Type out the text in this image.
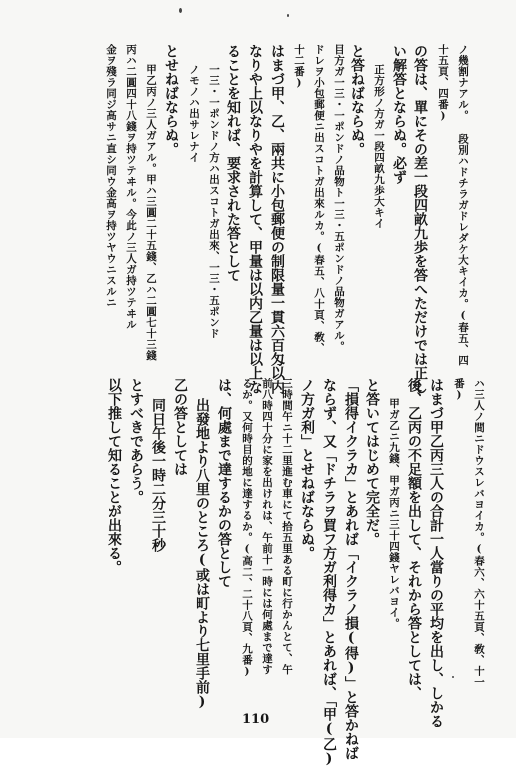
ノ幾割ナアル。 段別ハドチラガドレダケ大キイカ。(春五、四
十五頁、四番)
の答は、單にその差一段四畝九歩を答へただけでは正し
い解答とならぬ。必ず
正方形ノ方ガ一段四畝九歩大キイ
と答ねばならぬ。
目方ガ一三・一ポンドノ品物ト一三・五ポンドノ品物ガアル。
ドレヲ小包郵便ニ出スコトガ出來ルカ。(春五、八十頁、敎、
十二番)
はまづ甲、乙、兩共に小包郵便の制限量一貫六百匁以内
なりや上以なりやを計算して、甲量は以内乙量は以上な
ることを知れば、要求された答として
一三・一ポンドノ方ハ出スコトガ出來、一三・五ポンド
ノモノハ出サレナイ
とせねばならぬ。
甲乙丙ノ三人ガアル。甲ハ三圓二十五錢、乙ハ二圓七十三錢
丙ハ二圓四十八錢ヲ持ツテヰル。今此ノ三人ガ持ツテヰル
金ヲ殘ラ同ジ高サニ直シ同ウ金高ヲ持ツヤウニスルニ
ハ三人ノ間ニドウスレバヨイカ。(春六、六十五頁、敎、十一
番)
はまづ甲乙丙三人の合計一人當りの平均を出し、しかる
後、乙丙の不足額を出して、それから答としては、
甲ガ乙ニ九錢、甲ガ丙ニ三十四錢ヤレバヨイ。
と答いてはじめて完全だ。
「損得イクラカ」とあれば「イクラノ損(得)」と答かねば
ならず、又「ドチラヲ買フ方ガ利得カ」とあれば、「甲(乙)
ノ方ガ利」とせねばならぬ。
三時間午ニ十二里進む車にて拾五里ある町に行かんとて、午
前八時四十分に家を出けれは、午前十一時には何處まで達す
るか。又何時目的地に達するか。(高二、二十八頁、九番)
は、何處まで達するかの答として
出發地より八里のところ(或は町より七里手前)
乙の答としては
同日午後一時二分三十秒
とすべきであらう。
以下推して知ることが出來る。
110
